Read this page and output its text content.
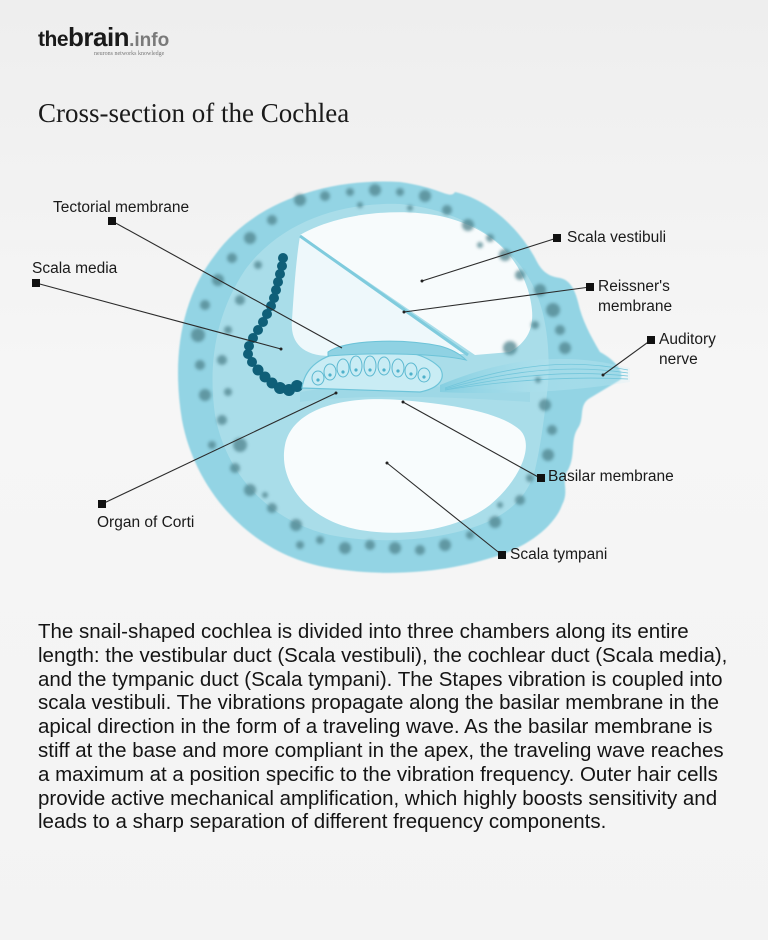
thebrain.info
neurons networks knowledge
Cross-section of the Cochlea
Tectorial membrane
Scala media
Scala vestibuli
Reissner's
membrane
Auditory
nerve
Basilar membrane
Organ of Corti
Scala tympani

The snail-shaped cochlea is divided into three chambers along its entire length: the vestibular duct (Scala vestibuli), the cochlear duct (Scala media), and the tympanic duct (Scala tympani). The Stapes vibration is coupled into scala vestibuli. The vibrations propagate along the basilar membrane in the apical direction in the form of a traveling wave. As the basilar membrane is stiff at the base and more compliant in the apex, the traveling wave reaches a maximum at a position specific to the vibration frequency. Outer hair cells provide active mechanical amplification, which highly boosts sensitivity and leads to a sharp separation of different frequency components.
